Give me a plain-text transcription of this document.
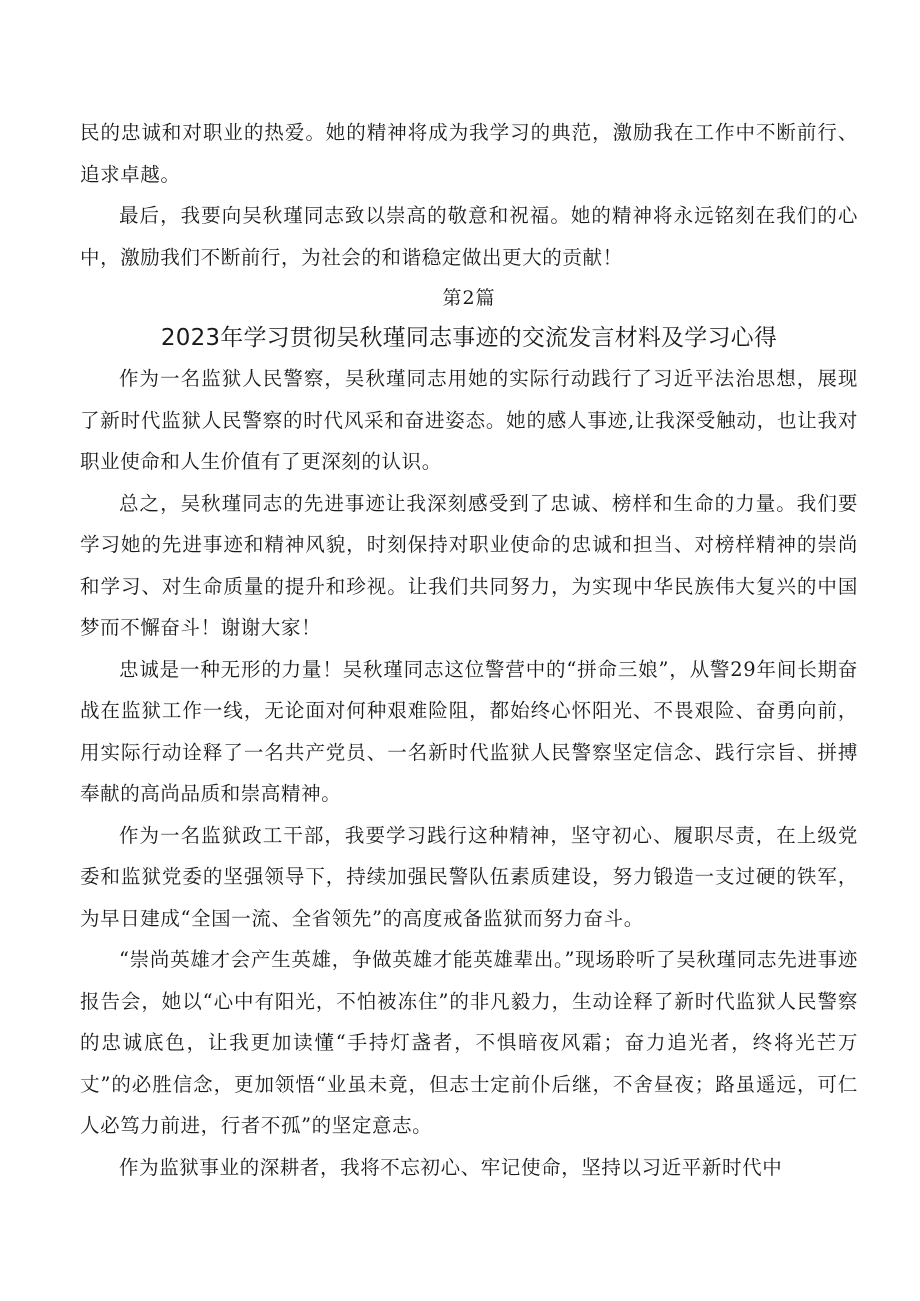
民的忠诚和对职业的热爱。她的精神将成为我学习的典范，激励我在工作中不断前行、追求卓越。

最后，我要向吴秋瑾同志致以崇高的敬意和祝福。她的精神将永远铭刻在我们的心中，激励我们不断前行，为社会的和谐稳定做出更大的贡献！

第2篇

2023年学习贯彻吴秋瑾同志事迹的交流发言材料及学习心得

作为一名监狱人民警察，吴秋瑾同志用她的实际行动践行了习近平法治思想，展现了新时代监狱人民警察的时代风采和奋进姿态。她的感人事迹,让我深受触动，也让我对职业使命和人生价值有了更深刻的认识。

总之，吴秋瑾同志的先进事迹让我深刻感受到了忠诚、榜样和生命的力量。我们要学习她的先进事迹和精神风貌，时刻保持对职业使命的忠诚和担当、对榜样精神的崇尚和学习、对生命质量的提升和珍视。让我们共同努力，为实现中华民族伟大复兴的中国梦而不懈奋斗！谢谢大家！

忠诚是一种无形的力量！吴秋瑾同志这位警营中的“拼命三娘”，从警29年间长期奋战在监狱工作一线，无论面对何种艰难险阻，都始终心怀阳光、不畏艰险、奋勇向前，用实际行动诠释了一名共产党员、一名新时代监狱人民警察坚定信念、践行宗旨、拼搏奉献的高尚品质和崇高精神。

作为一名监狱政工干部，我要学习践行这种精神，坚守初心、履职尽责，在上级党委和监狱党委的坚强领导下，持续加强民警队伍素质建设，努力锻造一支过硬的铁军，为早日建成“全国一流、全省领先”的高度戒备监狱而努力奋斗。

“崇尚英雄才会产生英雄，争做英雄才能英雄辈出。”现场聆听了吴秋瑾同志先进事迹报告会，她以“心中有阳光，不怕被冻住”的非凡毅力，生动诠释了新时代监狱人民警察的忠诚底色，让我更加读懂“手持灯盏者，不惧暗夜风霜；奋力追光者，终将光芒万丈”的必胜信念，更加领悟“业虽未竟，但志士定前仆后继，不舍昼夜；路虽遥远，可仁人必笃力前进，行者不孤”的坚定意志。

作为监狱事业的深耕者，我将不忘初心、牢记使命，坚持以习近平新时代中
